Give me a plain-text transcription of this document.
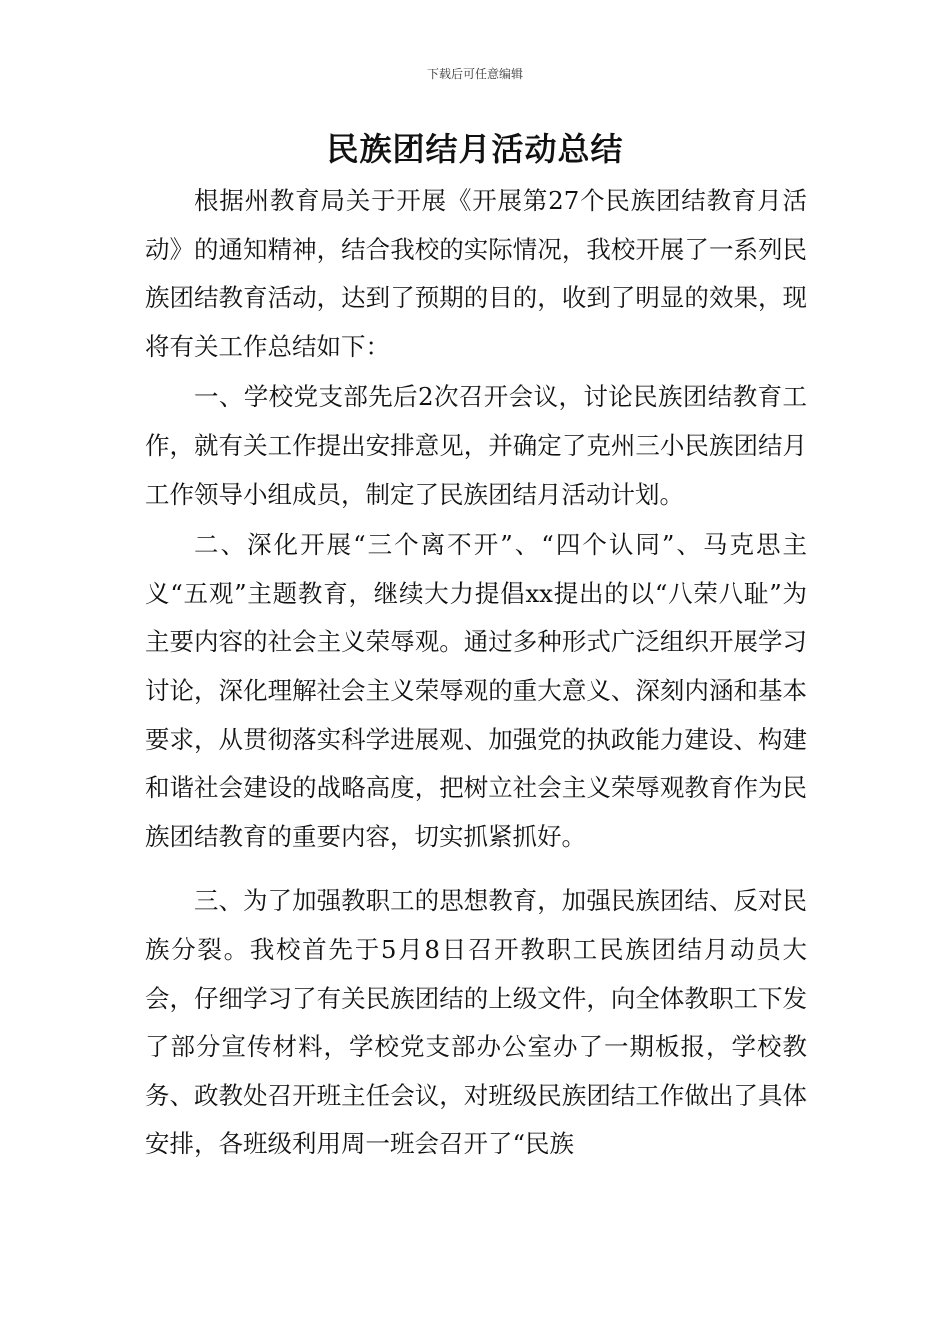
下载后可任意编辑
民族团结月活动总结

根据州教育局关于开展《开展第27个民族团结教育月活动》的通知精神，结合我校的实际情况，我校开展了一系列民族团结教育活动，达到了预期的目的，收到了明显的效果，现将有关工作总结如下：

一、学校党支部先后2次召开会议，讨论民族团结教育工作，就有关工作提出安排意见，并确定了克州三小民族团结月工作领导小组成员，制定了民族团结月活动计划。

二、深化开展“三个离不开”、“四个认同”、马克思主义“五观”主题教育，继续大力提倡xx提出的以“八荣八耻”为主要内容的社会主义荣辱观。通过多种形式广泛组织开展学习讨论，深化理解社会主义荣辱观的重大意义、深刻内涵和基本要求，从贯彻落实科学进展观、加强党的执政能力建设、构建和谐社会建设的战略高度，把树立社会主义荣辱观教育作为民族团结教育的重要内容，切实抓紧抓好。

三、为了加强教职工的思想教育，加强民族团结、反对民族分裂。我校首先于5月8日召开教职工民族团结月动员大会，仔细学习了有关民族团结的上级文件，向全体教职工下发了部分宣传材料，学校党支部办公室办了一期板报，学校教务、政教处召开班主任会议，对班级民族团结工作做出了具体安排，各班级利用周一班会召开了“民族
